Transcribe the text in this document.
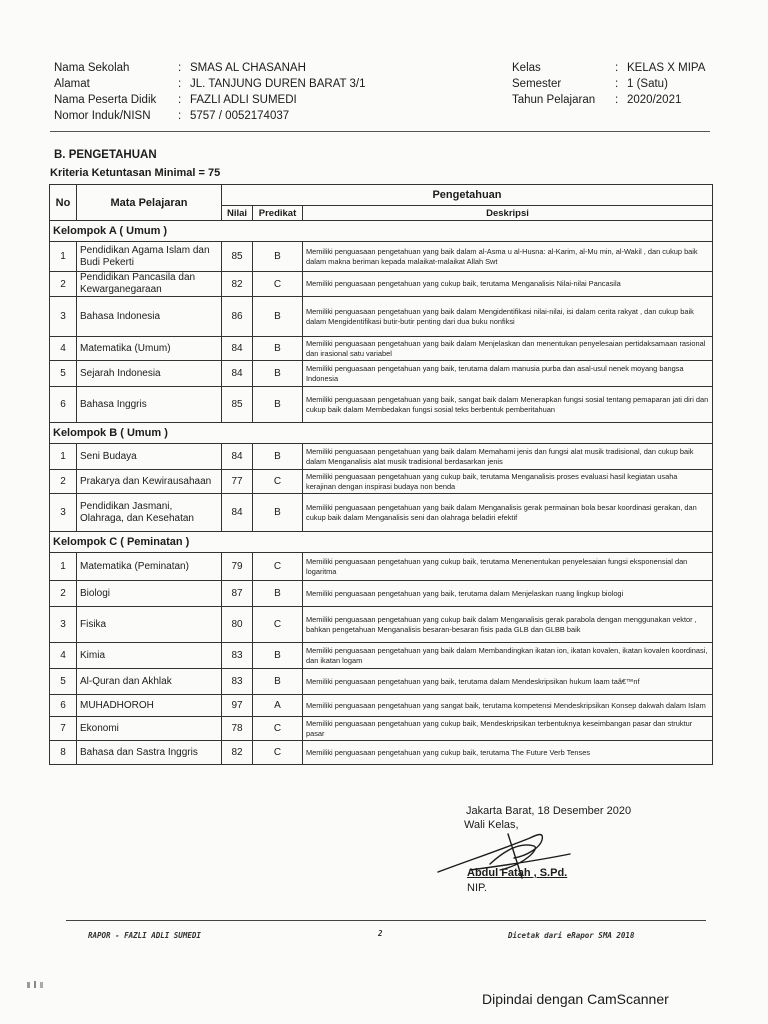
Nama Sekolah	: SMAS AL CHASANAH
Alamat	: JL. TANJUNG DUREN BARAT 3/1
Nama Peserta Didik : FAZLI ADLI SUMEDI
Nomor Induk/NISN : 5757 / 0052174037
Kelas	: KELAS X MIPA
Semester	: 1 (Satu)
Tahun Pelajaran : 2020/2021
B. PENGETAHUAN
Kriteria Ketuntasan Minimal = 75
No	Mata Pelajaran	Pengetahuan		
		Nilai	Predikat	Deskripsi
Kelompok A ( Umum )				
1	Pendidikan Agama Islam dan Budi Pekerti	85	B	Memiliki penguasaan pengetahuan yang baik dalam al-Asma u al-Husna: al-Karim, al-Mu min, al-Wakil , dan cukup baik dalam makna beriman kepada malaikat-malaikat Allah Swt
2	Pendidikan Pancasila dan Kewarganegaraan	82	C	Memiliki penguasaan pengetahuan yang cukup baik, terutama Menganalisis Nilai-nilai Pancasila
3	Bahasa Indonesia	86	B	Memiliki penguasaan pengetahuan yang baik dalam Mengidentifikasi nilai-nilai, isi dalam cerita rakyat , dan cukup baik dalam Mengidentifikasi butir-butir penting dari dua buku nonfiksi
4	Matematika (Umum)	84	B	Memiliki penguasaan pengetahuan yang baik dalam Menjelaskan dan menentukan penyelesaian pertidaksamaan rasional dan irasional satu variabel
5	Sejarah Indonesia	84	B	Memiliki penguasaan pengetahuan yang baik, terutama dalam manusia purba dan asal-usul nenek moyang bangsa Indonesia
6	Bahasa Inggris	85	B	Memiliki penguasaan pengetahuan yang baik, sangat baik dalam Menerapkan fungsi sosial tentang pemaparan jati diri dan cukup baik dalam Membedakan fungsi sosial teks berbentuk pemberitahuan
Kelompok B ( Umum )				
1	Seni Budaya	84	B	Memiliki penguasaan pengetahuan yang baik dalam Memahami jenis dan fungsi alat musik tradisional, dan cukup baik dalam Menganalisis alat musik tradisional berdasarkan jenis
2	Prakarya dan Kewirausahaan	77	C	Memiliki penguasaan pengetahuan yang cukup baik, terutama Menganalisis proses evaluasi hasil kegiatan usaha kerajinan dengan inspirasi budaya non benda
3	Pendidikan Jasmani, Olahraga, dan Kesehatan	84	B	Memiliki penguasaan pengetahuan yang baik dalam Menganalisis gerak permainan bola besar koordinasi gerakan, dan cukup baik dalam Menganalisis seni dan olahraga beladiri efektif
Kelompok C ( Peminatan )				
1	Matematika (Peminatan)	79	C	Memiliki penguasaan pengetahuan yang cukup baik, terutama Menenentukan penyelesaian fungsi eksponensial dan logaritma
2	Biologi	87	B	Memiliki penguasaan pengetahuan yang baik, terutama dalam Menjelaskan ruang lingkup biologi
3	Fisika	80	C	Memiliki penguasaan pengetahuan yang cukup baik dalam Menganalisis gerak parabola dengan menggunakan vektor , bahkan pengetahuan Menganalisis besaran-besaran fisis pada GLB dan GLBB baik
4	Kimia	83	B	Memiliki penguasaan pengetahuan yang baik dalam Membandingkan ikatan ion, ikatan kovalen, ikatan kovalen koordinasi, dan ikatan logam
5	Al-Quran dan Akhlak	83	B	Memiliki penguasaan pengetahuan yang baik, terutama dalam Mendeskripsikan hukum laam taâ€™nf
6	MUHADHOROH	97	A	Memiliki penguasaan pengetahuan yang sangat baik, terutama kompetensi Mendeskripsikan Konsep dakwah dalam Islam
7	Ekonomi	78	C	Memiliki penguasaan pengetahuan yang cukup baik, Mendeskripsikan terbentuknya keseimbangan pasar dan struktur pasar
8	Bahasa dan Sastra Inggris	82	C	Memiliki penguasaan pengetahuan yang cukup baik, terutama The Future Verb Tenses
Jakarta Barat, 18 Desember 2020
Wali Kelas,
Abdul Fatah , S.Pd.
NIP.
RAPOR - FAZLI ADLI SUMEDI	2	Dicetak dari eRapor SMA 2018
Dipindai dengan CamScanner
